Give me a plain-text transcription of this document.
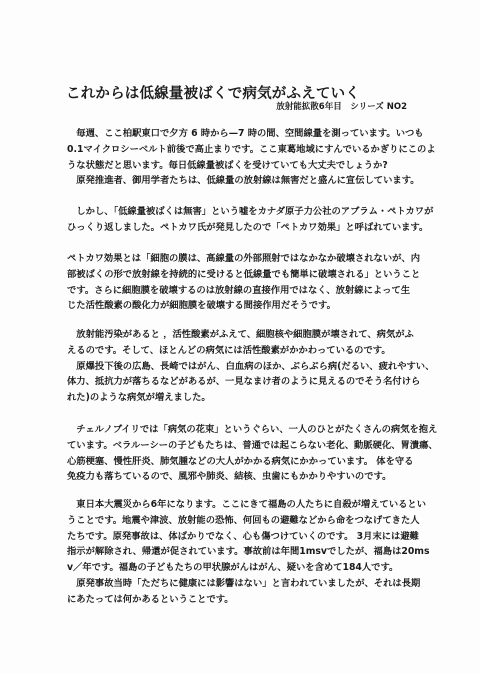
これからは低線量被ばくで病気がふえていく
放射能拡散6年目　シリーズ NO2
　毎週、ここ柏駅東口で夕方 6 時から—7 時の間、空間線量を測っています。いつも
0.1マイクロシーベルト前後で高止まりです。ここ東葛地域にすんでいるかぎりにこのよ
うな状態だと思います。毎日低線量被ばくを受けていても大丈夫でしょうか?
　原発推進者、御用学者たちは、低線量の放射線は無害だと盛んに宣伝しています。
　しかし、「低線量被ばくは無害」という嘘をカナダ原子力公社のアブラム・ペトカワが
ひっくり返しました。ペトカワ氏が発見したので「ペトカワ効果」と呼ばれています。
ペトカワ効果とは「細胞の膜は、高線量の外部照射ではなかなか破壊されないが、内
部被ばくの形で放射線を持続的に受けると低線量でも簡単に破壊される」ということ
です。さらに細胞膜を破壊するのは放射線の直接作用ではなく、放射線によって生
じた活性酸素の酸化力が細胞膜を破壊する間接作用だそうです。
　放射能汚染があると ，活性酸素がふえて、細胞核や細胞膜が壊されて、病気がふ
えるのです。そして、ほとんどの病気には活性酸素がかかわっているのです。
　原爆投下後の広島、長崎ではがん、白血病のほか、ぶらぶら病(だるい、疲れやすい、
体力、抵抗力が落ちるなどがあるが、一見なまけ者のように見えるのでそう名付けら
れた)のような病気が増えました。
　チェルノブイリでは「病気の花束」というぐらい、一人のひとがたくさんの病気を抱え
ています。ベラルーシーの子どもたちは、普通では起こらない老化、動脈硬化、胃潰瘍、
心筋梗塞、慢性肝炎、肺気腫などの大人がかかる病気にかかっています。 体を守る
免疫力も落ちているので、風邪や肺炎、結核、虫歯にもかかりやすいのです。
　東日本大震災から6年になります。ここにきて福島の人たちに自殺が増えているとい
うことです。地震や津波、放射能の恐怖、何回もの避難などから命をつなげてきた人
たちです。原発事故は、体ばかりでなく、心も傷つけていくのです。 3月末には避難
指示が解除され、帰還が促されています。事故前は年間1msvでしたが、福島は20ms
v／年です。福島の子どもたちの甲状腺がんはがん、疑いを含めて184人です。
　原発事故当時「ただちに健康には影響はない」と言われていましたが、それは長期
にあたっては何かあるということです。
